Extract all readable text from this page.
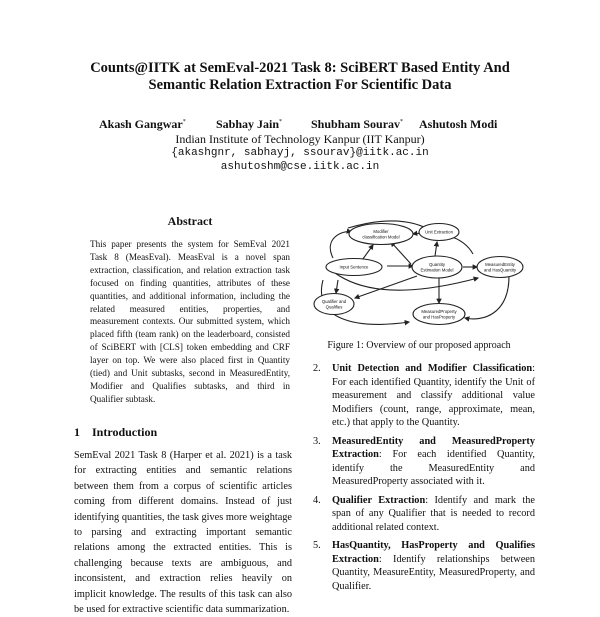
Counts@IITK at SemEval-2021 Task 8: SciBERT Based Entity And Semantic Relation Extraction For Scientific Data
Akash Gangwar*	Sabhay Jain* Shubham Sourav* Ashutosh Modi
Indian Institute of Technology Kanpur (IIT Kanpur)
{akashgnr, sabhayj, ssourav}@iitk.ac.in
ashutoshm@cse.iitk.ac.in
Abstract
This paper presents the system for SemEval 2021 Task 8 (MeasEval). MeasEval is a novel span extraction, classification, and relation extraction task focused on finding quantities, attributes of these quantities, and additional information, including the related measured entities, properties, and measurement contexts. Our submitted system, which placed fifth (team rank) on the leaderboard, consisted of SciBERT with [CLS] token embedding and CRF layer on top. We were also placed first in Quantity (tied) and Unit subtasks, second in MeasuredEntity, Modifier and Qualifies subtasks, and third in Qualifier subtask.
1 Introduction
SemEval 2021 Task 8 (Harper et al. 2021) is a task for extracting entities and semantic relations between them from a corpus of scientific articles coming from different domains. Instead of just identifying quantities, the task gives more weightage to parsing and extracting important semantic relations among the extracted entities. This is challenging because texts are ambiguous, and inconsistent, and extraction relies heavily on implicit knowledge. The results of this task can also be used for extractive scientific data summarization.
Modifier
classification Model
Unit Extraction
Input Sentence	Quantity
Estimation Model
MeasuredEntity
and HasQuantity
Qualifier and
Qualifies
MeasuredProperty
and HasProperty
Figure 1: Overview of our proposed approach
2. Unit Detection and Modifier Classification: For each identified Quantity, identify the Unit of measurement and classify additional value Modifiers (count, range, approximate, mean, etc.) that apply to the Quantity.
3. MeasuredEntity and MeasuredProperty Extraction: For each identified Quantity, identify the MeasuredEntity and MeasuredProperty associated with it.
4. Qualifier Extraction: Identify and mark the span of any Qualifier that is needed to record additional related context.
5. HasQuantity, HasProperty and Qualifies Extraction: Identify relationships between Quantity, MeasureEntity, MeasuredProperty, and Qualifier.
